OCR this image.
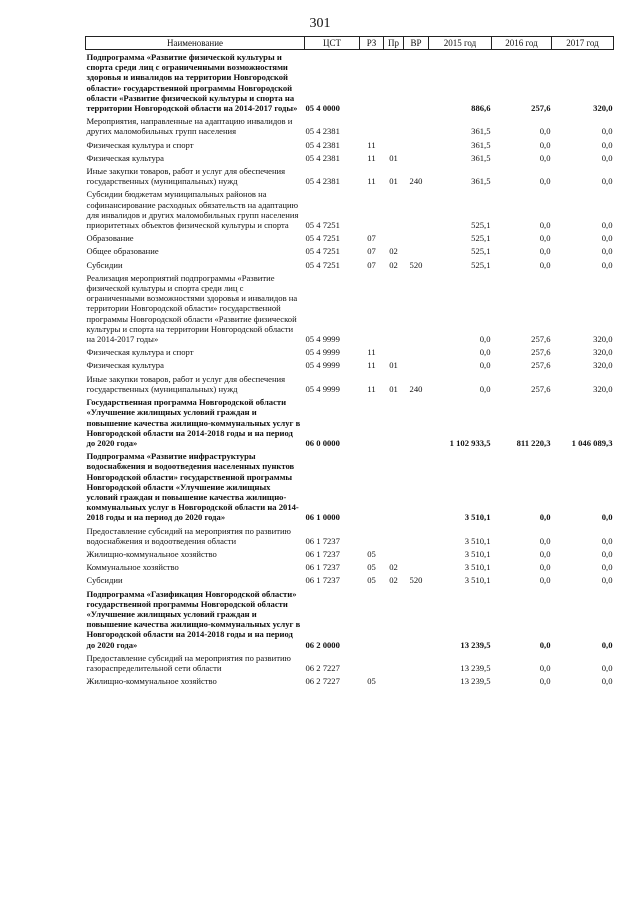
301
Наименование	ЦСТ	РЗ	Пр	ВР	2015 год	2016 год	2017 год
Подпрограмма «Развитие физической культуры и спорта среди лиц с ограниченными возможностями здоровья и инвалидов на территории Новгородской области» государственной программы Новгородской области «Развитие физической культуры и спорта на территории Новгородской области на 2014-2017 годы»	05 4 0000				886,6	257,6	320,0
Мероприятия, направленные на адаптацию инвалидов и других маломобильных групп населения	05 4 2381				361,5	0,0	0,0
Физическая культура и спорт	05 4 2381	11			361,5	0,0	0,0
Физическая культура	05 4 2381	11	01		361,5	0,0	0,0
Иные закупки товаров, работ и услуг для обеспечения государственных (муниципальных) нужд	05 4 2381	11	01	240	361,5	0,0	0,0
Субсидии бюджетам муниципальных районов на софинансирование расходных обязательств на адаптацию для инвалидов и других маломобильных групп населения приоритетных объектов физической культуры и спорта	05 4 7251				525,1	0,0	0,0
Образование	05 4 7251	07			525,1	0,0	0,0
Общее образование	05 4 7251	07	02		525,1	0,0	0,0
Субсидии	05 4 7251	07	02	520	525,1	0,0	0,0
Реализация мероприятий подпрограммы «Развитие физической культуры и спорта среди лиц с ограниченными возможностями здоровья и инвалидов на территории Новгородской области» государственной программы Новгородской области «Развитие физической культуры и спорта на территории Новгородской области на 2014-2017 годы»	05 4 9999				0,0	257,6	320,0
Физическая культура и спорт	05 4 9999	11			0,0	257,6	320,0
Физическая культура	05 4 9999	11	01		0,0	257,6	320,0
Иные закупки товаров, работ и услуг для обеспечения государственных (муниципальных) нужд	05 4 9999	11	01	240	0,0	257,6	320,0
Государственная программа Новгородской области «Улучшение жилищных условий граждан и повышение качества жилищно-коммунальных услуг в Новгородской области на 2014-2018 годы и на период до 2020 года»	06 0 0000				1 102 933,5	811 220,3	1 046 089,3
Подпрограмма «Развитие инфраструктуры водоснабжения и водоотведения населенных пунктов Новгородской области» государственной программы Новгородской области «Улучшение жилищных условий граждан и повышение качества жилищно-коммунальных услуг в Новгородской области на 2014-2018 годы и на период до 2020 года»	06 1 0000				3 510,1	0,0	0,0
Предоставление субсидий на мероприятия по развитию водоснабжения и водоотведения области	06 1 7237				3 510,1	0,0	0,0
Жилищно-коммунальное хозяйство	06 1 7237	05			3 510,1	0,0	0,0
Коммунальное хозяйство	06 1 7237	05	02		3 510,1	0,0	0,0
Субсидии	06 1 7237	05	02	520	3 510,1	0,0	0,0
Подпрограмма «Газификация Новгородской области» государственной программы Новгородской области «Улучшение жилищных условий граждан и повышение качества жилищно-коммунальных услуг в Новгородской области на 2014-2018 годы и на период до 2020 года»	06 2 0000				13 239,5	0,0	0,0
Предоставление субсидий на мероприятия по развитию газораспределительной сети области	06 2 7227				13 239,5	0,0	0,0
Жилищно-коммунальное хозяйство	06 2 7227	05			13 239,5	0,0	0,0
